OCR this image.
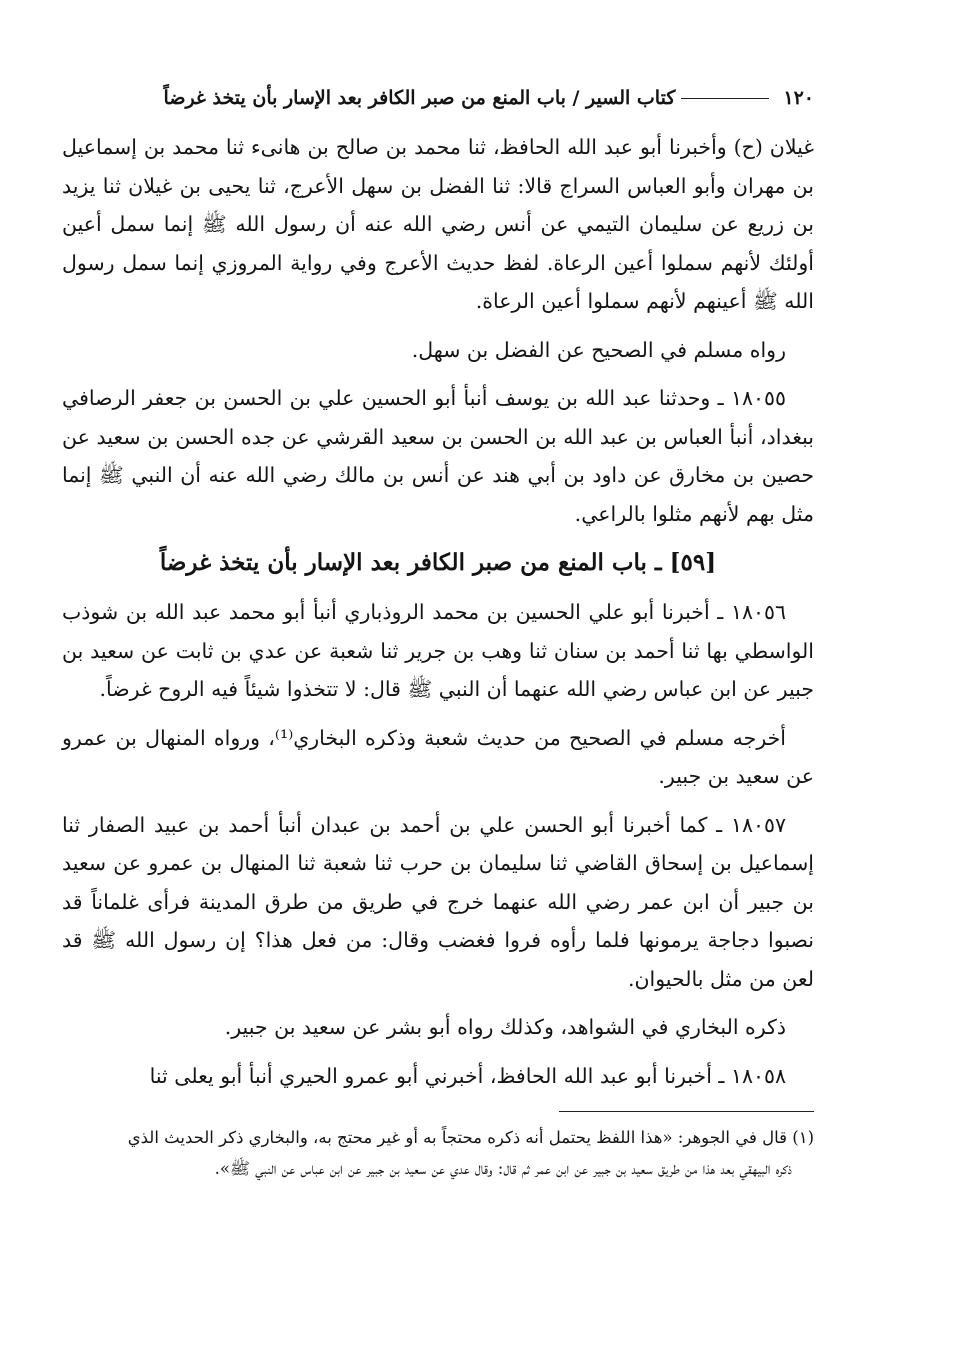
١٢٠
كتاب السير / باب المنع من صبر الكافر بعد الإسار بأن يتخذ غرضاً

غيلان (ح) وأخبرنا أبو عبد الله الحافظ، ثنا محمد بن صالح بن هانىء ثنا محمد بن إسماعيل بن مهران وأبو العباس السراج قالا: ثنا الفضل بن سهل الأعرج، ثنا يحيى بن غيلان ثنا يزيد بن زريع عن سليمان التيمي عن أنس رضي الله عنه أن رسول الله ﷺ إنما سمل أعين أولئك لأنهم سملوا أعين الرعاة. لفظ حديث الأعرج وفي رواية المروزي إنما سمل رسول الله ﷺ أعينهم لأنهم سملوا أعين الرعاة.

رواه مسلم في الصحيح عن الفضل بن سهل.

١٨٠٥٥ ـ وحدثنا عبد الله بن يوسف أنبأ أبو الحسين علي بن الحسن بن جعفر الرصافي ببغداد، أنبأ العباس بن عبد الله بن الحسن بن سعيد القرشي عن جده الحسن بن سعيد عن حصين بن مخارق عن داود بن أبي هند عن أنس بن مالك رضي الله عنه أن النبي ﷺ إنما مثل بهم لأنهم مثلوا بالراعي.

[٥٩] ـ باب المنع من صبر الكافر بعد الإسار بأن يتخذ غرضاً

١٨٠٥٦ ـ أخبرنا أبو علي الحسين بن محمد الروذباري أنبأ أبو محمد عبد الله بن شوذب الواسطي بها ثنا أحمد بن سنان ثنا وهب بن جرير ثنا شعبة عن عدي بن ثابت عن سعيد بن جبير عن ابن عباس رضي الله عنهما أن النبي ﷺ قال: لا تتخذوا شيئاً فيه الروح غرضاً.

أخرجه مسلم في الصحيح من حديث شعبة وذكره البخاري⁽¹⁾، ورواه المنهال بن عمرو عن سعيد بن جبير.

١٨٠٥٧ ـ كما أخبرنا أبو الحسن علي بن أحمد بن عبدان أنبأ أحمد بن عبيد الصفار ثنا إسماعيل بن إسحاق القاضي ثنا سليمان بن حرب ثنا شعبة ثنا المنهال بن عمرو عن سعيد بن جبير أن ابن عمر رضي الله عنهما خرج في طريق من طرق المدينة فرأى غلماناً قد نصبوا دجاجة يرمونها فلما رأوه فروا فغضب وقال: من فعل هذا؟ إن رسول الله ﷺ قد لعن من مثل بالحيوان.

ذكره البخاري في الشواهد، وكذلك رواه أبو بشر عن سعيد بن جبير.

١٨٠٥٨ ـ أخبرنا أبو عبد الله الحافظ، أخبرني أبو عمرو الحيري أنبأ أبو يعلى ثنا

(١) قال في الجوهر: «هذا اللفظ يحتمل أنه ذكره محتجاً به أو غير محتج به، والبخاري ذكر الحديث الذي

ذكره البيهقي بعد هذا من طريق سعيد بن جبير عن ابن عمر ثم قال: وقال عدي عن سعيد بن جبير عن ابن عباس عن النبي ﷺ».
